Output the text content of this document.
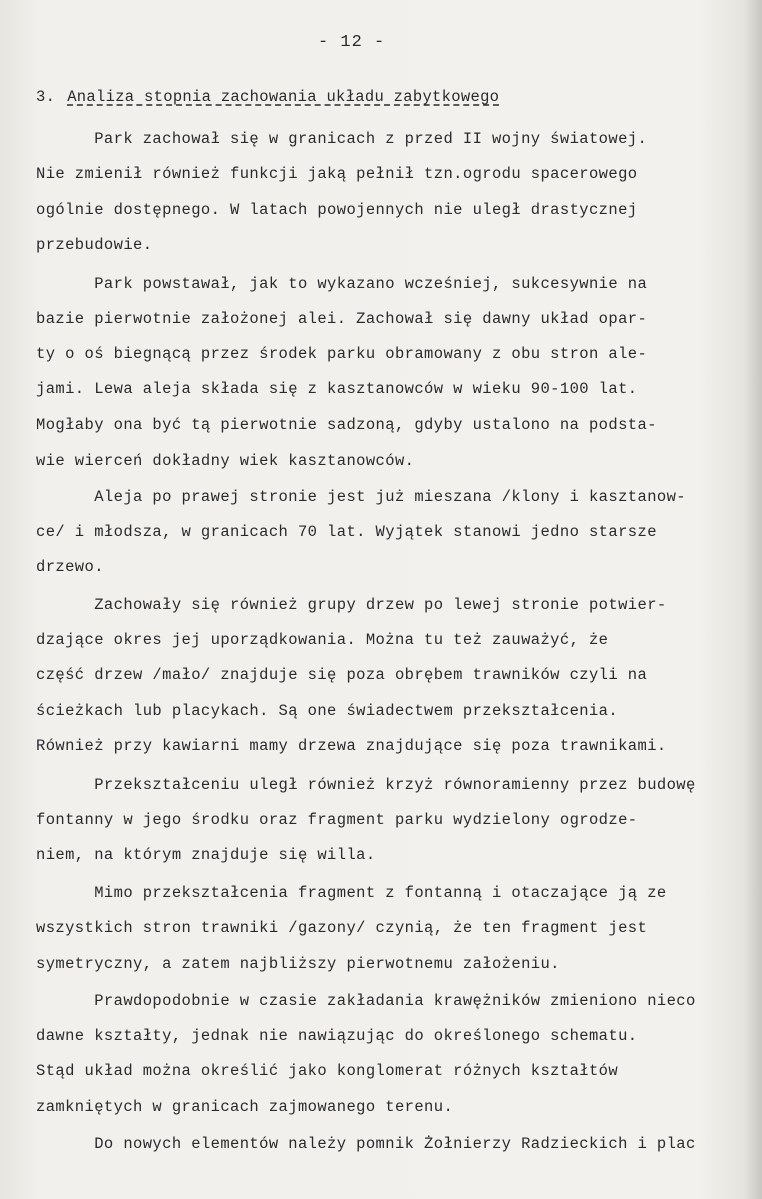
- 12 -
3. Analiza stopnia zachowania układu zabytkowego
Park zachował się w granicach z przed II wojny światowej.
Nie zmienił również funkcji jaką pełnił tzn.ogrodu spacerowego
ogólnie dostępnego. W latach powojennych nie uległ drastycznej
przebudowie.
Park powstawał, jak to wykazano wcześniej, sukcesywnie na
bazie pierwotnie założonej alei. Zachował się dawny układ opar-
ty o oś biegnącą przez środek parku obramowany z obu stron ale-
jami. Lewa aleja składa się z kasztanowców w wieku 90-100 lat.
Mogłaby ona być tą pierwotnie sadzoną, gdyby ustalono na podsta-
wie wierceń dokładny wiek kasztanowców.
Aleja po prawej stronie jest już mieszana /klony i kasztanow-
ce/ i młodsza, w granicach 70 lat. Wyjątek stanowi jedno starsze
drzewo.
Zachowały się również grupy drzew po lewej stronie potwier-
dzające okres jej uporządkowania. Można tu też zauważyć, że
część drzew /mało/ znajduje się poza obrębem trawników czyli na
ścieżkach lub placykach. Są one świadectwem przekształcenia.
Również przy kawiarni mamy drzewa znajdujące się poza trawnikami.
Przekształceniu uległ również krzyż równoramienny przez budowę
fontanny w jego środku oraz fragment parku wydzielony ogrodze-
niem, na którym znajduje się willa.
Mimo przekształcenia fragment z fontanną i otaczające ją ze
wszystkich stron trawniki /gazony/ czynią, że ten fragment jest
symetryczny, a zatem najbliższy pierwotnemu założeniu.
Prawdopodobnie w czasie zakładania krawężników zmieniono nieco
dawne kształty, jednak nie nawiązując do określonego schematu.
Stąd układ można określić jako konglomerat różnych kształtów
zamkniętych w granicach zajmowanego terenu.
Do nowych elementów należy pomnik Żołnierzy Radzieckich i plac
